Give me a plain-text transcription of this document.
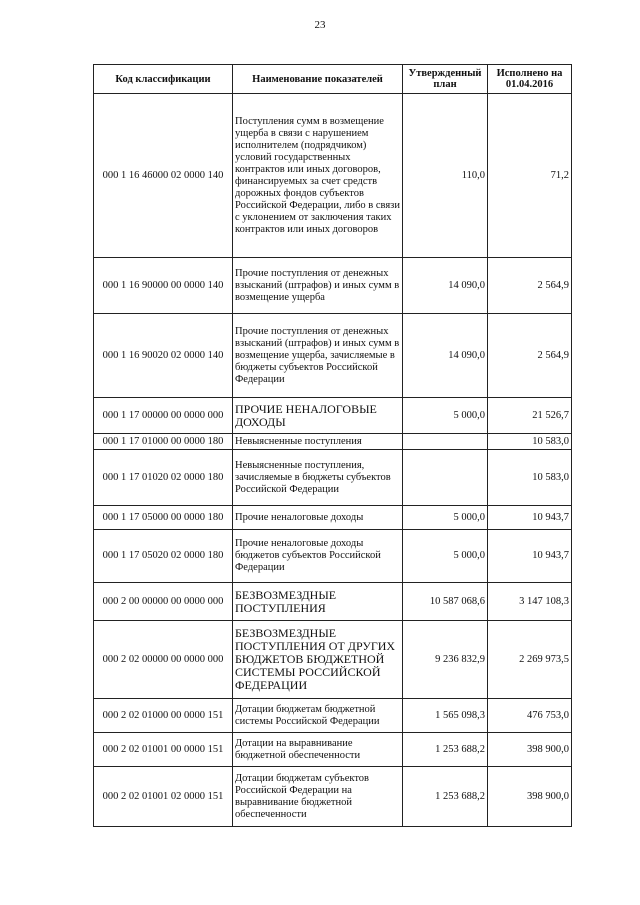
23
Код классификации	Наименование показателей	Утвержденный план	Исполнено на 01.04.2016
000 1 16 46000 02 0000 140	Поступления сумм в возмещение ущерба в связи с нарушением исполнителем (подрядчиком) условий государственных контрактов или иных договоров, финансируемых за счет средств дорожных фондов субъектов Российской Федерации, либо в связи с уклонением от заключения таких контрактов или иных договоров	110,0	71,2
000 1 16 90000 00 0000 140	Прочие поступления от денежных взысканий (штрафов) и иных сумм в возмещение ущерба	14 090,0	2 564,9
000 1 16 90020 02 0000 140	Прочие поступления от денежных взысканий (штрафов) и иных сумм в возмещение ущерба, зачисляемые в бюджеты субъектов Российской Федерации	14 090,0	2 564,9
000 1 17 00000 00 0000 000	ПРОЧИЕ НЕНАЛОГОВЫЕ ДОХОДЫ	5 000,0	21 526,7
000 1 17 01000 00 0000 180	Невыясненные поступления		10 583,0
000 1 17 01020 02 0000 180	Невыясненные поступления, зачисляемые в бюджеты субъектов Российской Федерации		10 583,0
000 1 17 05000 00 0000 180	Прочие неналоговые доходы	5 000,0	10 943,7
000 1 17 05020 02 0000 180	Прочие неналоговые доходы бюджетов субъектов Российской Федерации	5 000,0	10 943,7
000 2 00 00000 00 0000 000	БЕЗВОЗМЕЗДНЫЕ ПОСТУПЛЕНИЯ	10 587 068,6	3 147 108,3
000 2 02 00000 00 0000 000	БЕЗВОЗМЕЗДНЫЕ ПОСТУПЛЕНИЯ ОТ ДРУГИХ БЮДЖЕТОВ БЮДЖЕТНОЙ СИСТЕМЫ РОССИЙСКОЙ ФЕДЕРАЦИИ	9 236 832,9	2 269 973,5
000 2 02 01000 00 0000 151	Дотации бюджетам бюджетной системы Российской Федерации	1 565 098,3	476 753,0
000 2 02 01001 00 0000 151	Дотации на выравнивание бюджетной обеспеченности	1 253 688,2	398 900,0
000 2 02 01001 02 0000 151	Дотации бюджетам субъектов Российской Федерации на выравнивание бюджетной обеспеченности	1 253 688,2	398 900,0
